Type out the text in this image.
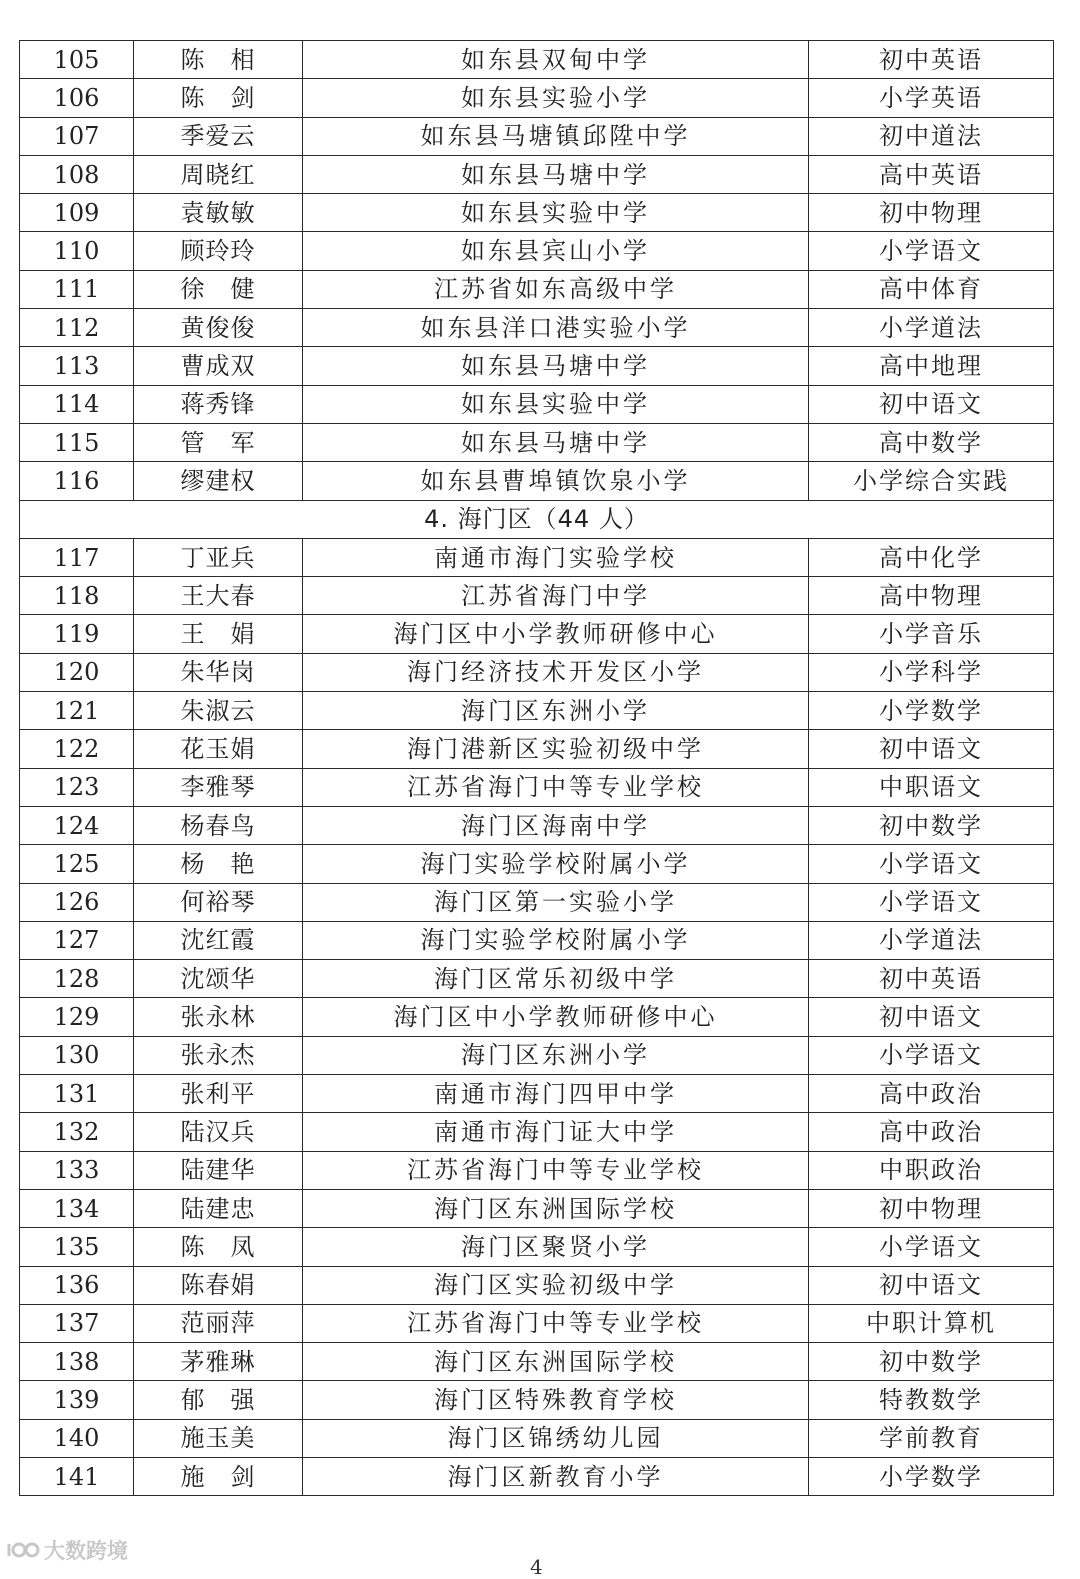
105	陈　相	如东县双甸中学	初中英语
106	陈　剑	如东县实验小学	小学英语
107	季爱云	如东县马塘镇邱陞中学	初中道法
108	周晓红	如东县马塘中学	高中英语
109	袁敏敏	如东县实验中学	初中物理
110	顾玲玲	如东县宾山小学	小学语文
111	徐　健	江苏省如东高级中学	高中体育
112	黄俊俊	如东县洋口港实验小学	小学道法
113	曹成双	如东县马塘中学	高中地理
114	蒋秀锋	如东县实验中学	初中语文
115	管　军	如东县马塘中学	高中数学
116	缪建权	如东县曹埠镇饮泉小学	小学综合实践
4. 海门区（44 人）			
117	丁亚兵	南通市海门实验学校	高中化学
118	王大春	江苏省海门中学	高中物理
119	王　娟	海门区中小学教师研修中心	小学音乐
120	朱华岗	海门经济技术开发区小学	小学科学
121	朱淑云	海门区东洲小学	小学数学
122	花玉娟	海门港新区实验初级中学	初中语文
123	李雅琴	江苏省海门中等专业学校	中职语文
124	杨春鸟	海门区海南中学	初中数学
125	杨　艳	海门实验学校附属小学	小学语文
126	何裕琴	海门区第一实验小学	小学语文
127	沈红霞	海门实验学校附属小学	小学道法
128	沈颂华	海门区常乐初级中学	初中英语
129	张永林	海门区中小学教师研修中心	初中语文
130	张永杰	海门区东洲小学	小学语文
131	张利平	南通市海门四甲中学	高中政治
132	陆汉兵	南通市海门证大中学	高中政治
133	陆建华	江苏省海门中等专业学校	中职政治
134	陆建忠	海门区东洲国际学校	初中物理
135	陈　凤	海门区聚贤小学	小学语文
136	陈春娟	海门区实验初级中学	初中语文
137	范丽萍	江苏省海门中等专业学校	中职计算机
138	茅雅琳	海门区东洲国际学校	初中数学
139	郁　强	海门区特殊教育学校	特教数学
140	施玉美	海门区锦绣幼儿园	学前教育
141	施　剑	海门区新教育小学	小学数学
大数跨境
4
